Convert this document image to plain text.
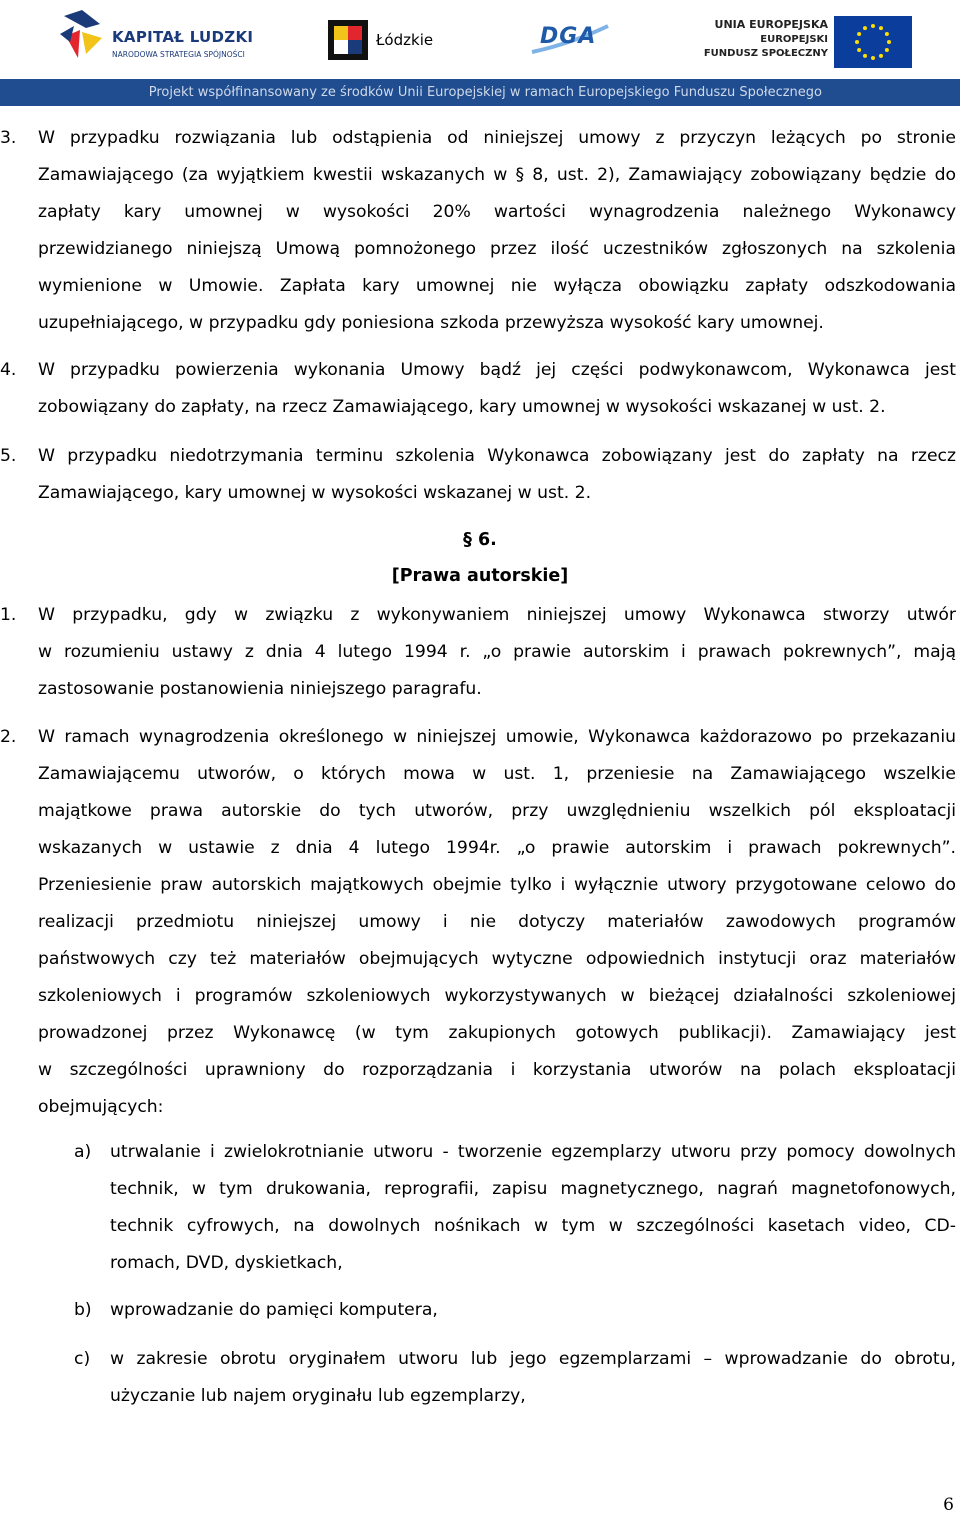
KAPITAŁ LUDZKI
NARODOWA STRATEGIA SPÓJNOŚCI
Łódzkie	DGA	UNIA EUROPEJSKA
EUROPEJSKI
FUNDUSZ SPOŁECZNY
Projekt współfinansowany ze środków Unii Europejskiej w ramach Europejskiego Funduszu Społecznego
3. W przypadku rozwiązania lub odstąpienia od niniejszej umowy z przyczyn leżących po stronie
Zamawiającego (za wyjątkiem kwestii wskazanych w § 8, ust. 2), Zamawiający zobowiązany będzie do
zapłaty kary umownej w wysokości 20% wartości wynagrodzenia należnego Wykonawcy
przewidzianego niniejszą Umową pomnożonego przez ilość uczestników zgłoszonych na szkolenia
wymienione w Umowie. Zapłata kary umownej nie wyłącza obowiązku zapłaty odszkodowania
uzupełniającego, w przypadku gdy poniesiona szkoda przewyższa wysokość kary umownej.
4. W przypadku powierzenia wykonania Umowy bądź jej części podwykonawcom, Wykonawca jest
zobowiązany do zapłaty, na rzecz Zamawiającego, kary umownej w wysokości wskazanej w ust. 2.
5. W przypadku niedotrzymania terminu szkolenia Wykonawca zobowiązany jest do zapłaty na rzecz
Zamawiającego, kary umownej w wysokości wskazanej w ust. 2.
§ 6.
[Prawa autorskie]
1. W przypadku, gdy w związku z wykonywaniem niniejszej umowy Wykonawca stworzy utwór
w rozumieniu ustawy z dnia 4 lutego 1994 r. „o prawie autorskim i prawach pokrewnych”, mają
zastosowanie postanowienia niniejszego paragrafu.
2. W ramach wynagrodzenia określonego w niniejszej umowie, Wykonawca każdorazowo po przekazaniu
Zamawiającemu utworów, o których mowa w ust. 1, przeniesie na Zamawiającego wszelkie
majątkowe prawa autorskie do tych utworów, przy uwzględnieniu wszelkich pól eksploatacji
wskazanych w ustawie z dnia 4 lutego 1994r. „o prawie autorskim i prawach pokrewnych”.
Przeniesienie praw autorskich majątkowych obejmie tylko i wyłącznie utwory przygotowane celowo do
realizacji przedmiotu niniejszej umowy i nie dotyczy materiałów zawodowych programów
państwowych czy też materiałów obejmujących wytyczne odpowiednich instytucji oraz materiałów
szkoleniowych i programów szkoleniowych wykorzystywanych w bieżącej działalności szkoleniowej
prowadzonej przez Wykonawcę (w tym zakupionych gotowych publikacji). Zamawiający jest
w szczególności uprawniony do rozporządzania i korzystania utworów na polach eksploatacji
obejmujących:
a) utrwalanie i zwielokrotnianie utworu - tworzenie egzemplarzy utworu przy pomocy dowolnych
technik, w tym drukowania, reprografii, zapisu magnetycznego, nagrań magnetofonowych,
technik cyfrowych, na dowolnych nośnikach w tym w szczególności kasetach video, CD-
romach, DVD, dyskietkach,
b) wprowadzanie do pamięci komputera,
c) w zakresie obrotu oryginałem utworu lub jego egzemplarzami – wprowadzanie do obrotu,
użyczanie lub najem oryginału lub egzemplarzy,
6
